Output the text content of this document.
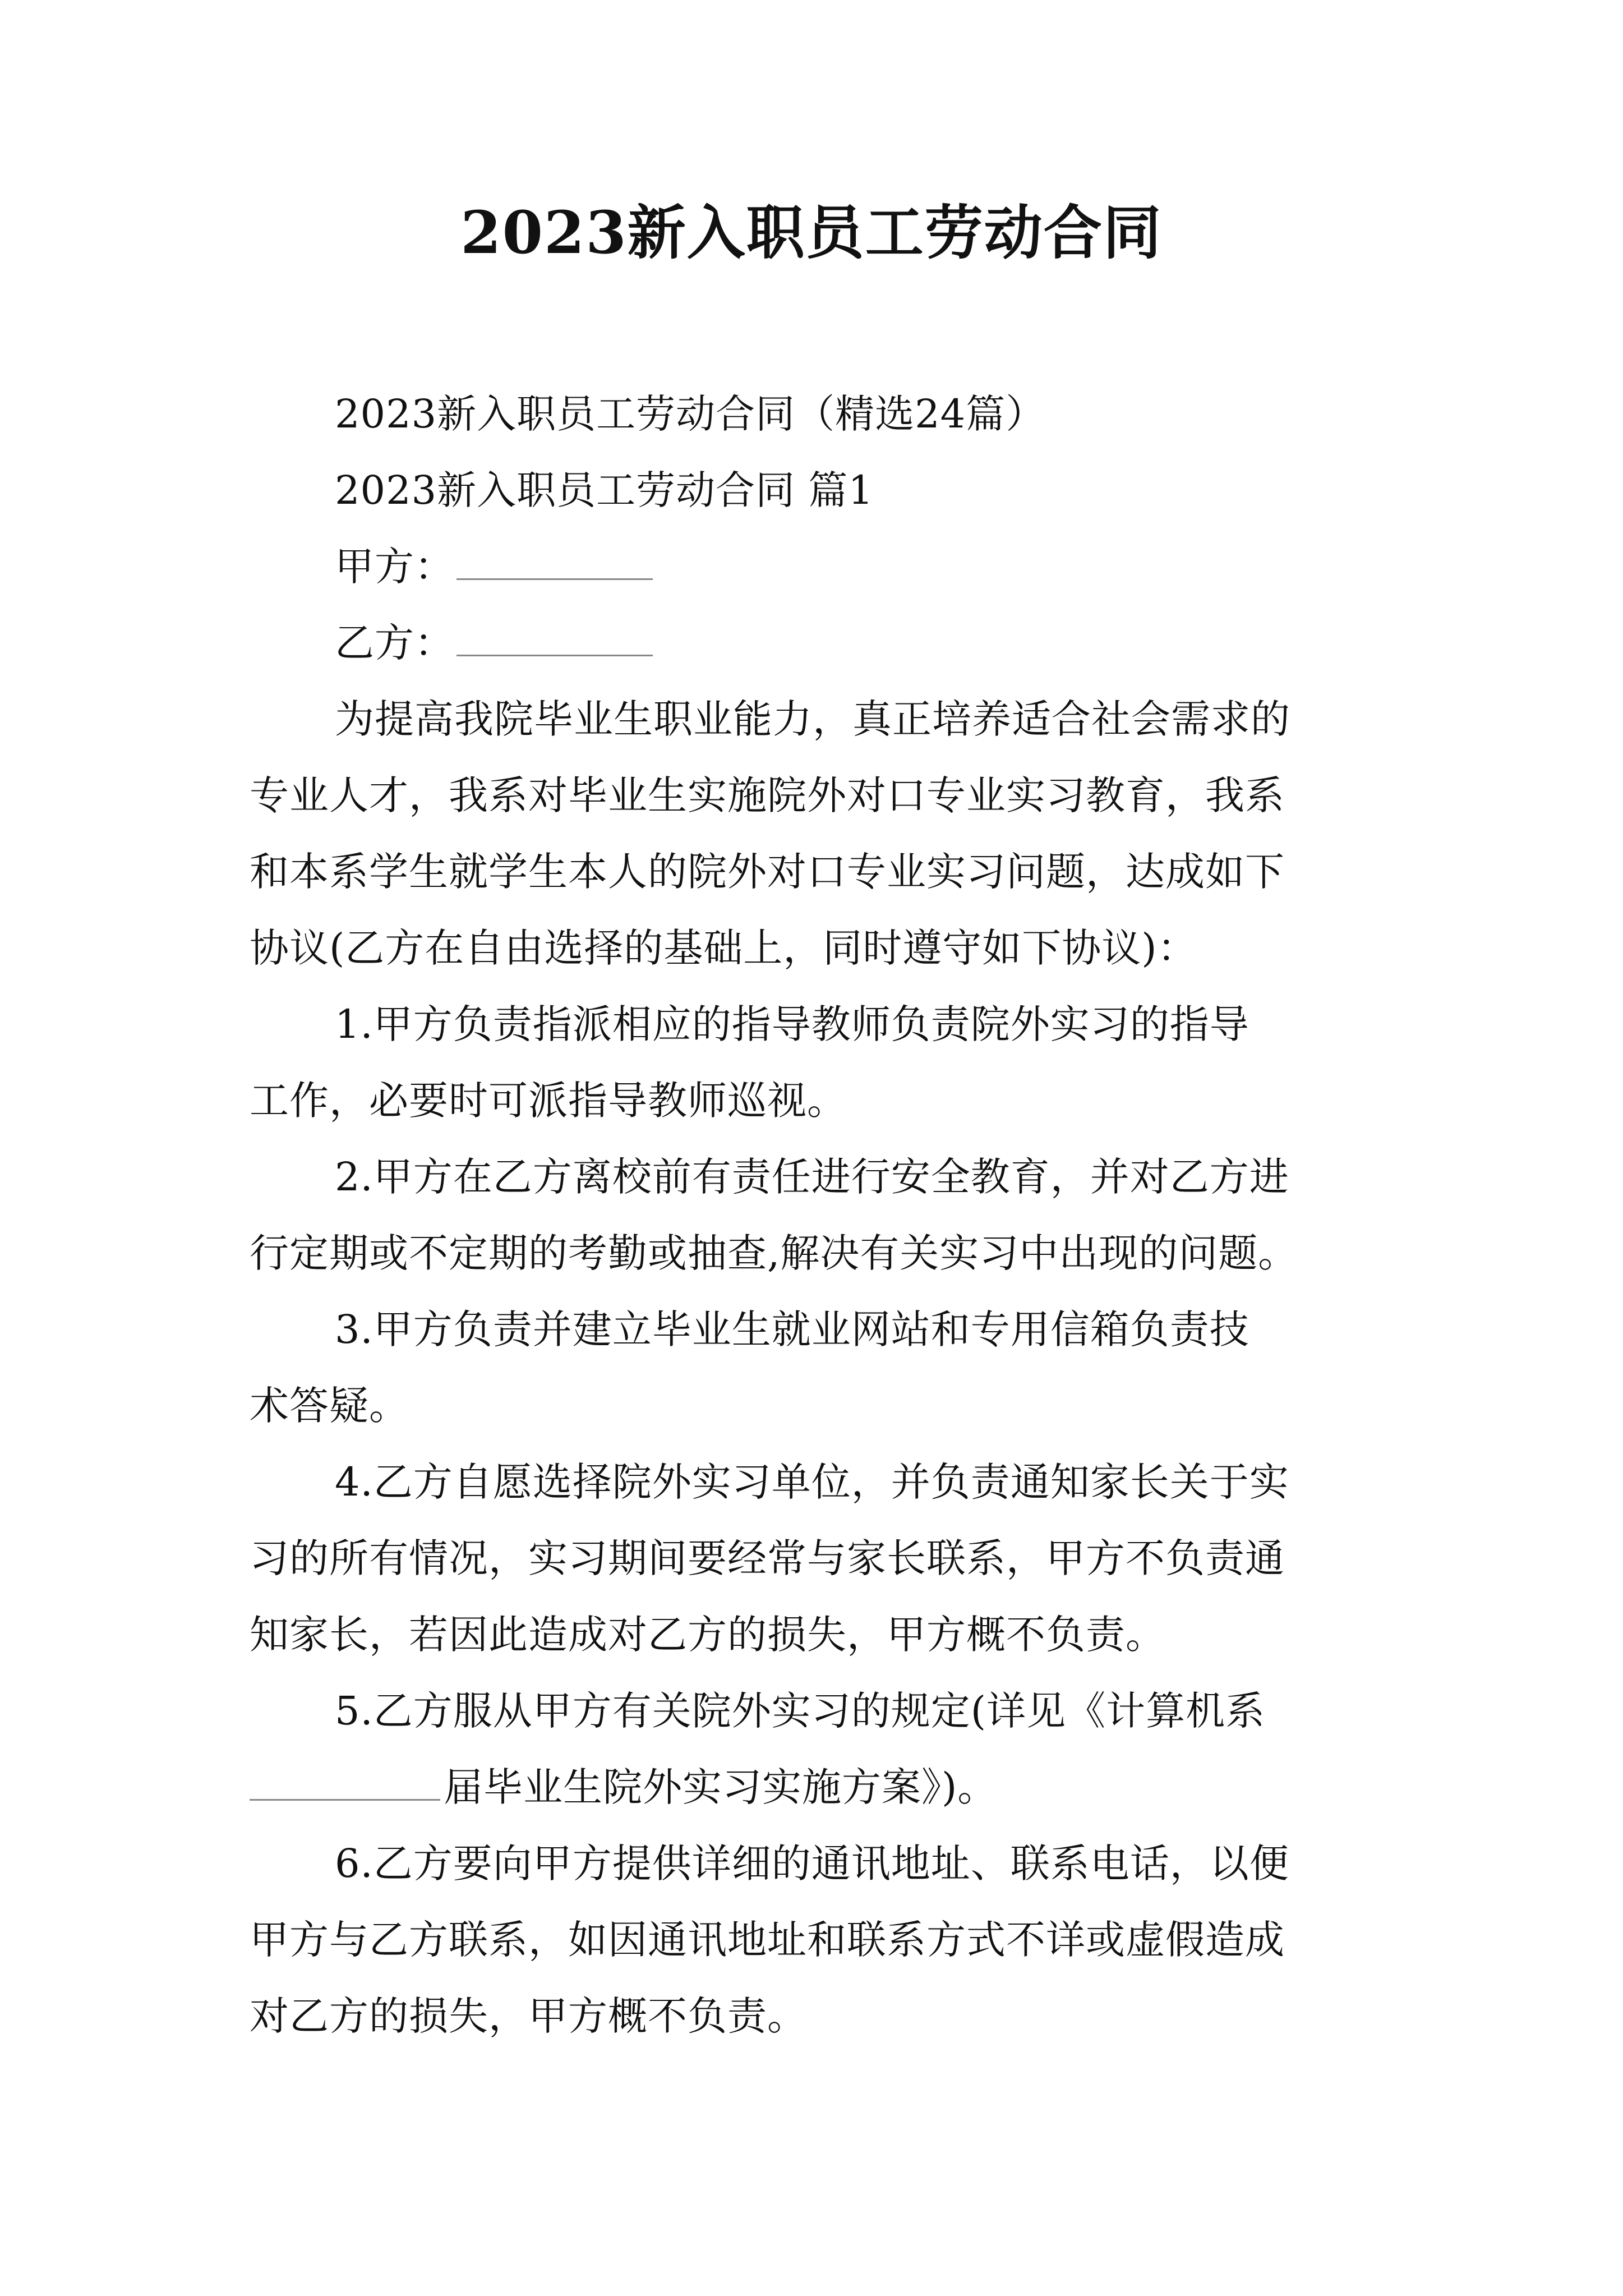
2023新入职员工劳动合同
2023新入职员工劳动合同（精选24篇）
2023新入职员工劳动合同 篇1
甲方：
乙方：
为提高我院毕业生职业能力，真正培养适合社会需求的
专业人才，我系对毕业生实施院外对口专业实习教育，我系
和本系学生就学生本人的院外对口专业实习问题，达成如下
协议(乙方在自由选择的基础上，同时遵守如下协议)：
1.甲方负责指派相应的指导教师负责院外实习的指导
工作，必要时可派指导教师巡视。
2.甲方在乙方离校前有责任进行安全教育，并对乙方进
行定期或不定期的考勤或抽查,解决有关实习中出现的问题。
3.甲方负责并建立毕业生就业网站和专用信箱负责技
术答疑。
4.乙方自愿选择院外实习单位，并负责通知家长关于实
习的所有情况，实习期间要经常与家长联系，甲方不负责通
知家长，若因此造成对乙方的损失，甲方概不负责。
5.乙方服从甲方有关院外实习的规定(详见《计算机系
届毕业生院外实习实施方案》)。
6.乙方要向甲方提供详细的通讯地址、联系电话，以便
甲方与乙方联系，如因通讯地址和联系方式不详或虚假造成
对乙方的损失，甲方概不负责。
